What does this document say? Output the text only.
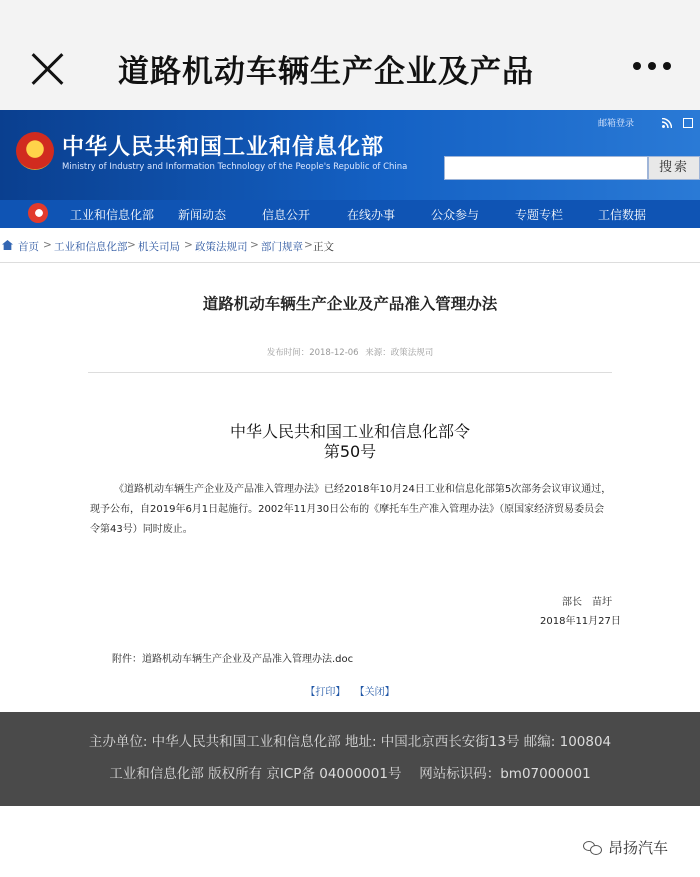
道路机动车辆生产企业及产品
中华人民共和国工业和信息化部
Ministry of Industry and Information Technology of the People's Republic of China
邮箱登录
搜索
工业和信息化部 新闻动态	信息公开	在线办事	公众参与	专题专栏	工信数据
首页 > 工业和信息化部 > 机关司局 > 政策法规司 > 部门规章 > 正文
道路机动车辆生产企业及产品准入管理办法
发布时间：2018-12-06 来源：政策法规司
中华人民共和国工业和信息化部令
第50号
《道路机动车辆生产企业及产品准入管理办法》已经2018年10月24日工业和信息化部第5次部务会议审议通过，现予公布，自2019年6月1日起施行。2002年11月30日公布的《摩托车生产准入管理办法》（原国家经济贸易委员会令第43号）同时废止。
部长　苗圩
2018年11月27日
附件：道路机动车辆生产企业及产品准入管理办法.doc
【打印】 【关闭】
主办单位: 中华人民共和国工业和信息化部 地址: 中国北京西长安街13号 邮编: 100804
工业和信息化部 版权所有 京ICP备 04000001号　 网站标识码：bm07000001
昂扬汽车
